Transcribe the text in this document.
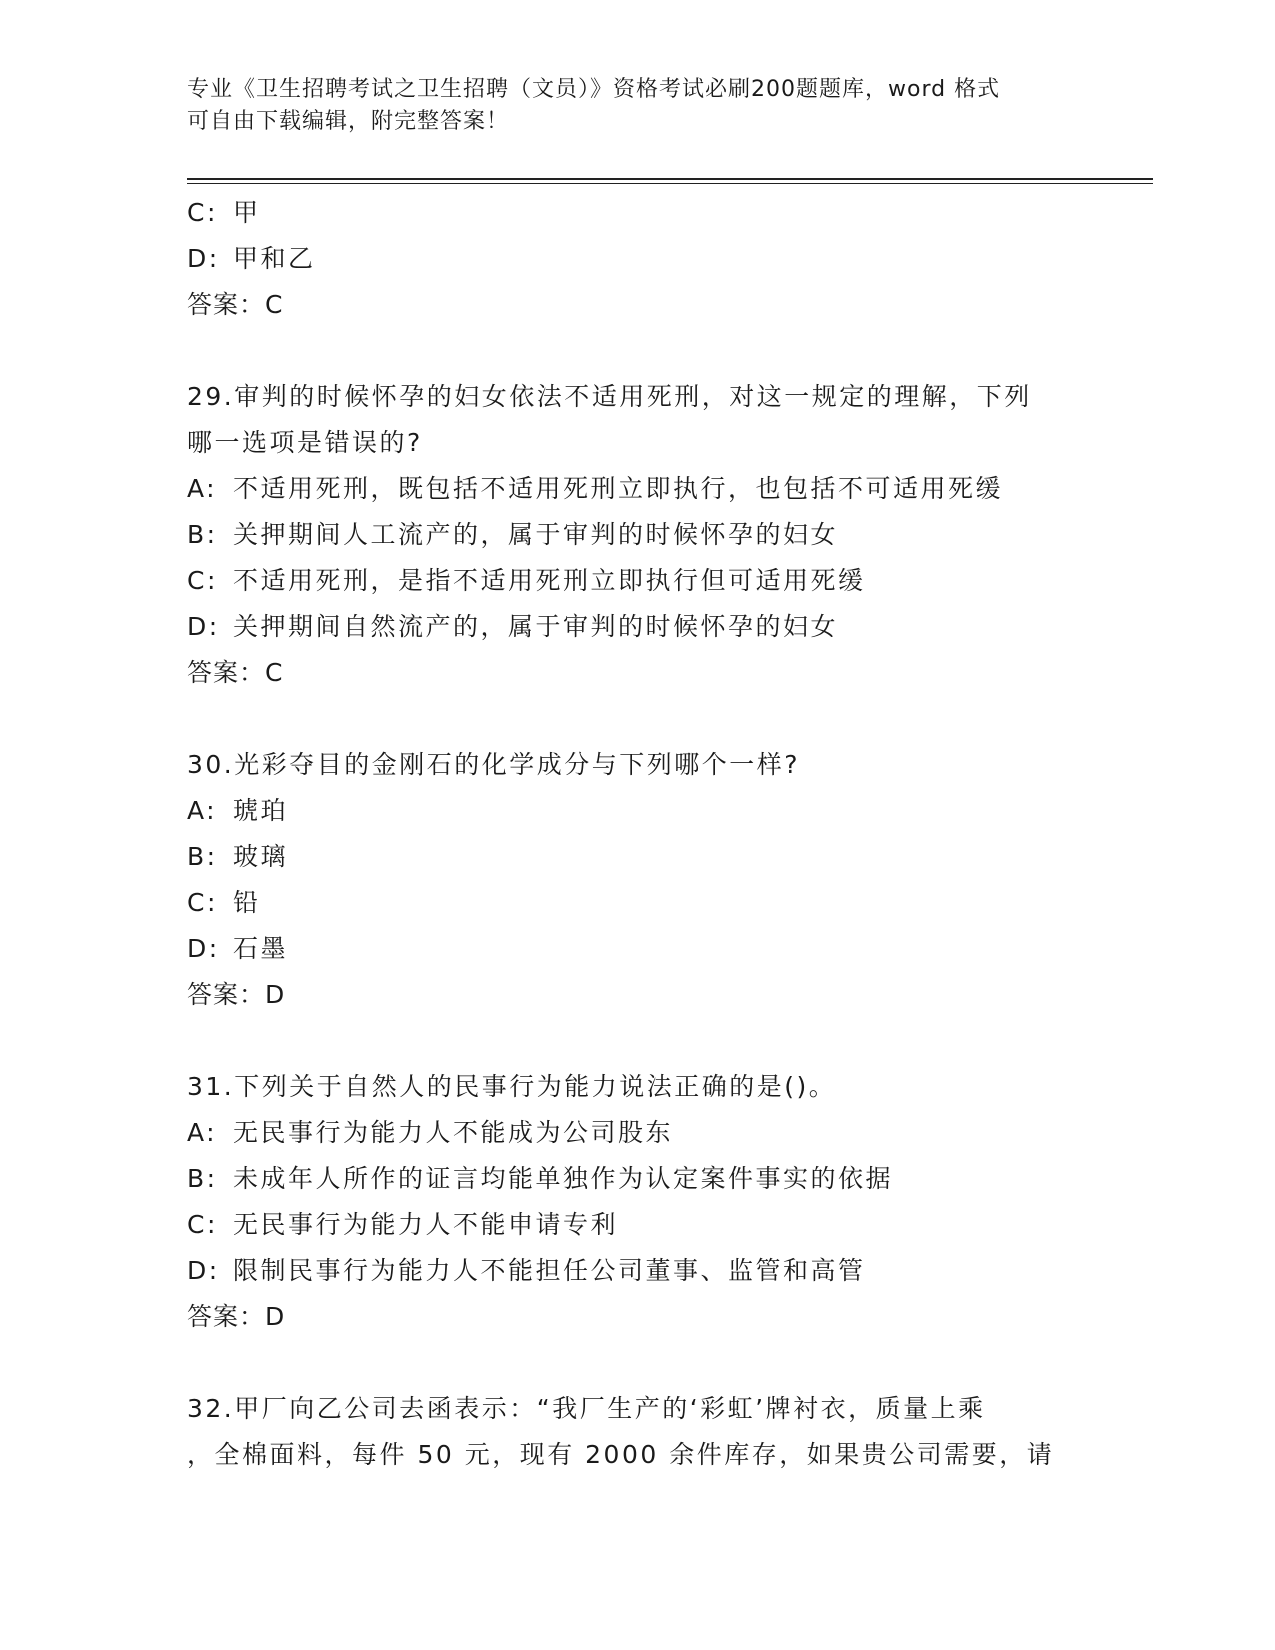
专业《卫生招聘考试之卫生招聘（文员）》资格考试必刷200题题库，word 格式
可自由下载编辑，附完整答案！
C: 甲
D: 甲和乙
答案：C
29.审判的时候怀孕的妇女依法不适用死刑，对这一规定的理解，下列
哪一选项是错误的?
A: 不适用死刑，既包括不适用死刑立即执行，也包括不可适用死缓
B: 关押期间人工流产的，属于审判的时候怀孕的妇女
C: 不适用死刑，是指不适用死刑立即执行但可适用死缓
D: 关押期间自然流产的，属于审判的时候怀孕的妇女
答案：C
30.光彩夺目的金刚石的化学成分与下列哪个一样?
A: 琥珀
B: 玻璃
C: 铅
D: 石墨
答案：D
31.下列关于自然人的民事行为能力说法正确的是()。
A: 无民事行为能力人不能成为公司股东
B: 未成年人所作的证言均能单独作为认定案件事实的依据
C: 无民事行为能力人不能申请专利
D: 限制民事行为能力人不能担任公司董事、监管和高管
答案：D
32.甲厂向乙公司去函表示：“我厂生产的‘彩虹’牌衬衣，质量上乘
，全棉面料，每件 50 元，现有 2000 余件库存，如果贵公司需要，请
